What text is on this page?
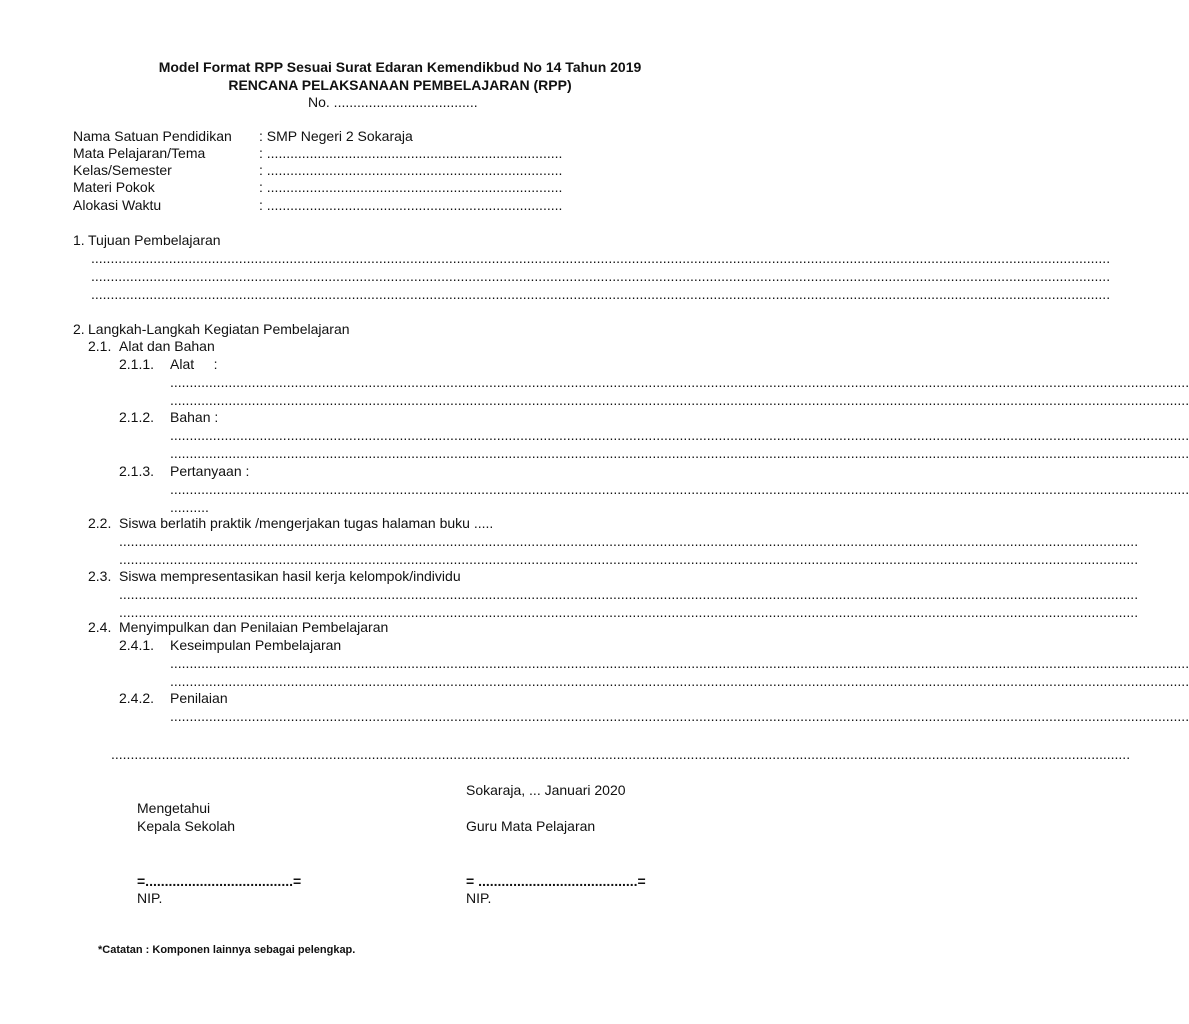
Model Format RPP Sesuai Surat Edaran Kemendikbud No 14 Tahun 2019
RENCANA PELAKSANAAN PEMBELAJARAN (RPP)
No. .....................................
Nama Satuan Pendidikan : SMP Negeri 2 Sokaraja
Mata Pelajaran/Tema	: ............................................................................
Kelas/Semester	: ............................................................................
Materi Pokok	: ............................................................................
Alokasi Waktu	: ............................................................................
1. Tujuan Pembelajaran
......................................................................................................................................................................................................................................................................
......................................................................................................................................................................................................................................................................
......................................................................................................................................................................................................................................................................
2. Langkah-Langkah Kegiatan Pembelajaran
2.1. Alat dan Bahan
2.1.1. Alat     :
......................................................................................................................................................................................................................................................................
......................................................................................................................................................................................................................................................................
2.1.2. Bahan :
......................................................................................................................................................................................................................................................................
......................................................................................................................................................................................................................................................................
2.1.3. Pertanyaan :
......................................................................................................................................................................................................................................................................
..........
2.2. Siswa berlatih praktik /mengerjakan tugas halaman buku .....
......................................................................................................................................................................................................................................................................
......................................................................................................................................................................................................................................................................
2.3. Siswa mempresentasikan hasil kerja kelompok/individu
......................................................................................................................................................................................................................................................................
......................................................................................................................................................................................................................................................................
2.4. Menyimpulkan dan Penilaian Pembelajaran
2.4.1. Keseimpulan Pembelajaran
......................................................................................................................................................................................................................................................................
......................................................................................................................................................................................................................................................................
2.4.2. Penilaian
......................................................................................................................................................................................................................................................................
......................................................................................................................................................................................................................................................................
Sokaraja, ... Januari 2020
Mengetahui
Kepala Sekolah	Guru Mata Pelajaran
=......................................=	= .........................................=
NIP.	NIP.
*Catatan : Komponen lainnya sebagai pelengkap.
